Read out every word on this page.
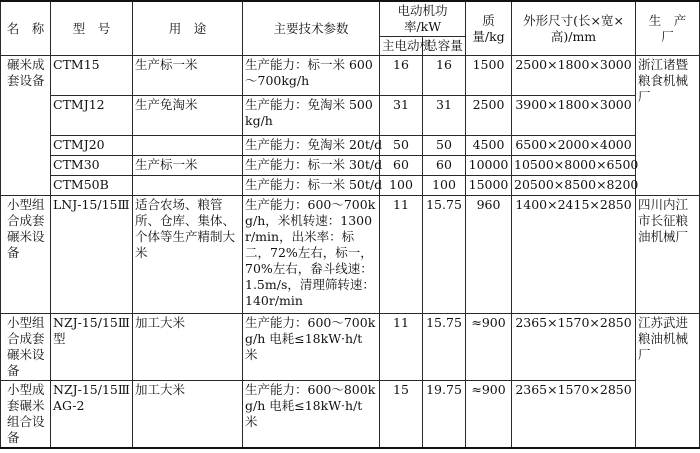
名　称	型　号	用　途	主要技术参数	电动机功率/kW		质量/kg	外形尺寸(长×宽×高)/mm	生　产　厂
				主电动机	总容量			
碾米成套设备	CTM15	生产标一米	生产能力：标一米 600～700kg/h	16	16	1500	2500×1800×3000	浙江诸暨粮食机械厂
	CTMJ12	生产免淘米	生产能力：免淘米 500kg/h	31	31	2500	3900×1800×3000	
	CTMJ20		生产能力：免淘米 20t/d	50	50	4500	6500×2000×4000	
	CTM30	生产标一米	生产能力：标一米 30t/d	60	60	10000	10500×8000×6500	
	CTM50B		生产能力：标一米 50t/d	100	100	15000	20500×8500×8200	
小型组合成套碾米设备	LNJ-15/15Ⅲ	适合农场、粮管所、仓库、集体、个体等生产精制大米	生产能力：600～700kg/h，米机转速：1300r/min，出米率：标二，72%左右，标一，70%左右，畚斗线速：1.5m/s，清理筛转速：140r/min	11	15.75	960	1400×2415×2850	四川内江市长征粮油机械厂
小型组合成套碾米设备	NZJ-15/15Ⅲ型	加工大米	生产能力：600～700kg/h 电耗≤18kW·h/t 米	11	15.75	≈900	2365×1570×2850	江苏武进粮油机械厂
小型成套碾米组合设备	NZJ-15/15Ⅲ AG-2	加工大米	生产能力：600～800kg/h 电耗≤18kW·h/t 米	15	19.75	≈900	2365×1570×2850	
